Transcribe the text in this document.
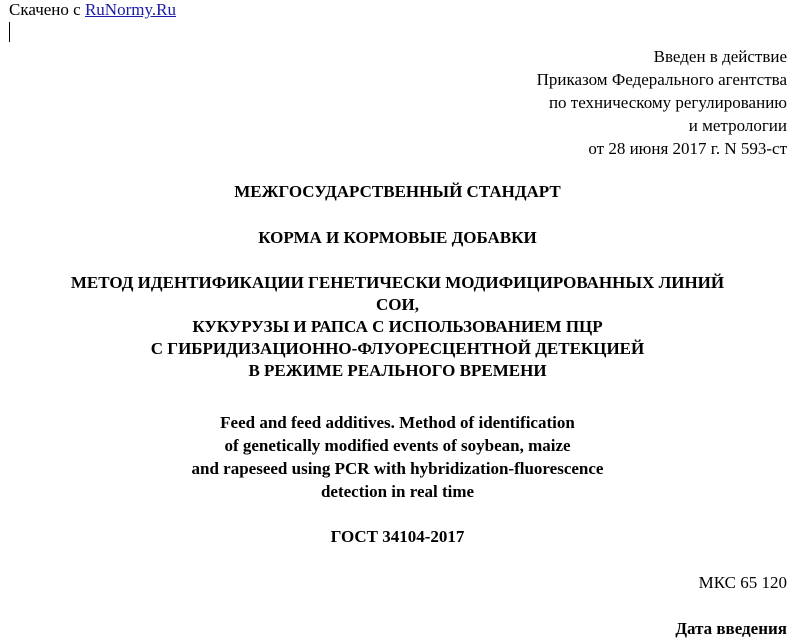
Скачено с RuNormy.Ru
Введен в действие
Приказом Федерального агентства
по техническому регулированию
и метрологии
от 28 июня 2017 г. N 593-ст
МЕЖГОСУДАРСТВЕННЫЙ СТАНДАРТ
КОРМА И КОРМОВЫЕ ДОБАВКИ
МЕТОД ИДЕНТИФИКАЦИИ ГЕНЕТИЧЕСКИ МОДИФИЦИРОВАННЫХ ЛИНИЙ
СОИ,
КУКУРУЗЫ И РАПСА С ИСПОЛЬЗОВАНИЕМ ПЦР
С ГИБРИДИЗАЦИОННО-ФЛУОРЕСЦЕНТНОЙ ДЕТЕКЦИЕЙ
В РЕЖИМЕ РЕАЛЬНОГО ВРЕМЕНИ
Feed and feed additives. Method of identification
of genetically modified events of soybean, maize
and rapeseed using PCR with hybridization-fluorescence
detection in real time
ГОСТ 34104-2017
МКС 65 120
Дата введения
